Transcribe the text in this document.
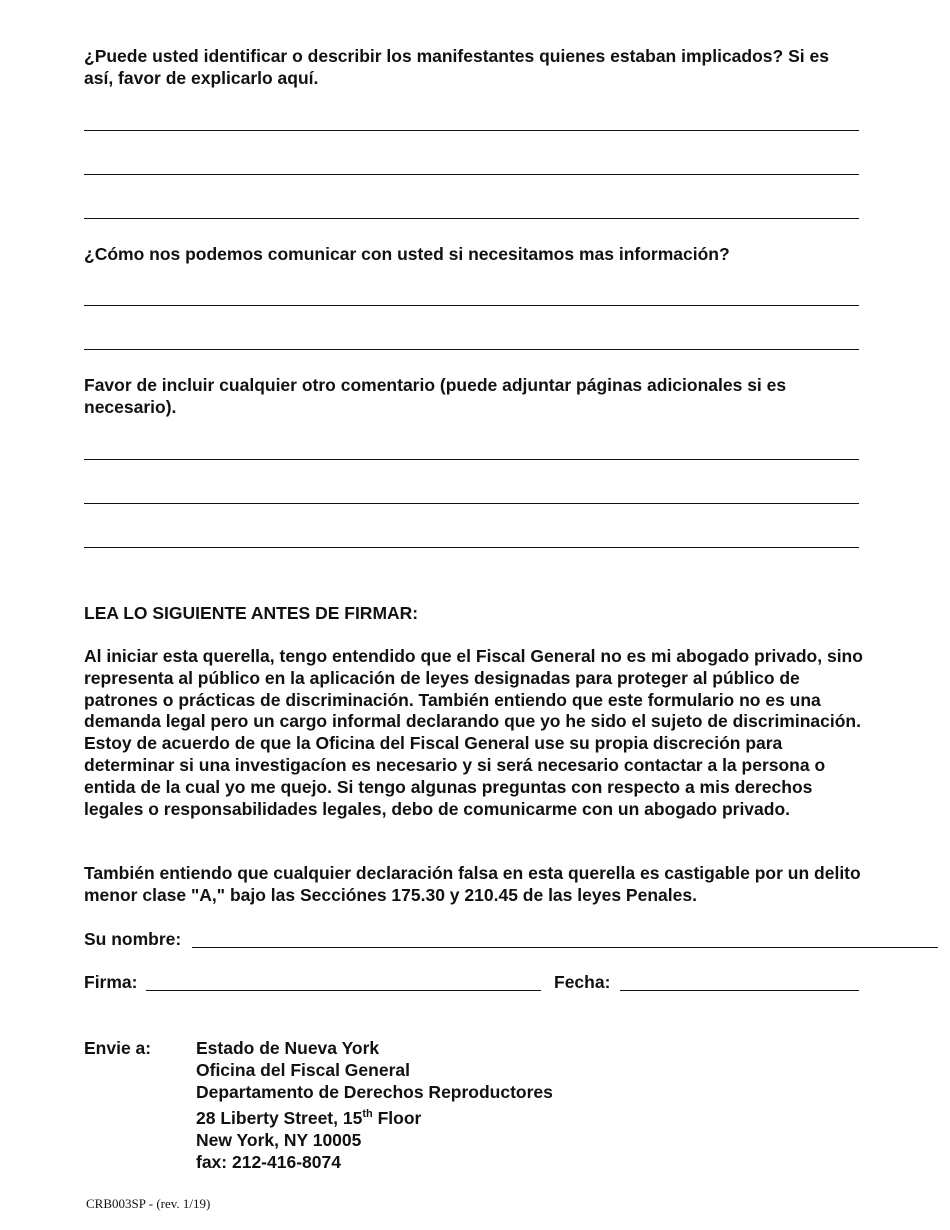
¿Puede usted identificar o describir los manifestantes quienes estaban implicados? Si es así, favor de explicarlo aquí.
¿Cómo nos podemos comunicar con usted si necesitamos mas información?
Favor de incluir cualquier otro comentario (puede adjuntar páginas adicionales si es necesario).
LEA LO SIGUIENTE ANTES DE FIRMAR:
Al iniciar esta querella, tengo entendido que el Fiscal General no es mi abogado privado, sino representa al público en la aplicación de leyes designadas para proteger al público de patrones o prácticas de discriminación. También entiendo que este formulario no es una demanda legal pero un cargo informal declarando que yo he sido el sujeto de discriminación. Estoy de acuerdo de que la Oficina del Fiscal General use su propia discreción para determinar si una investigacíon es necesario y si será necesario contactar a la persona o entida de la cual yo me quejo. Si tengo algunas preguntas con respecto a mis derechos legales o responsabilidades legales, debo de comunicarme con un abogado privado.
También entiendo que cualquier declaración falsa en esta querella es castigable por un delito menor clase "A," bajo las Secciónes 175.30 y 210.45 de las leyes Penales.
Su nombre:
Firma:	Fecha:
Envie a:	Estado de Nueva York
Oficina del Fiscal General
Departamento de Derechos Reproductores
28 Liberty Street, 15th Floor
New York, NY 10005
fax: 212-416-8074
CRB003SP - (rev. 1/19)
